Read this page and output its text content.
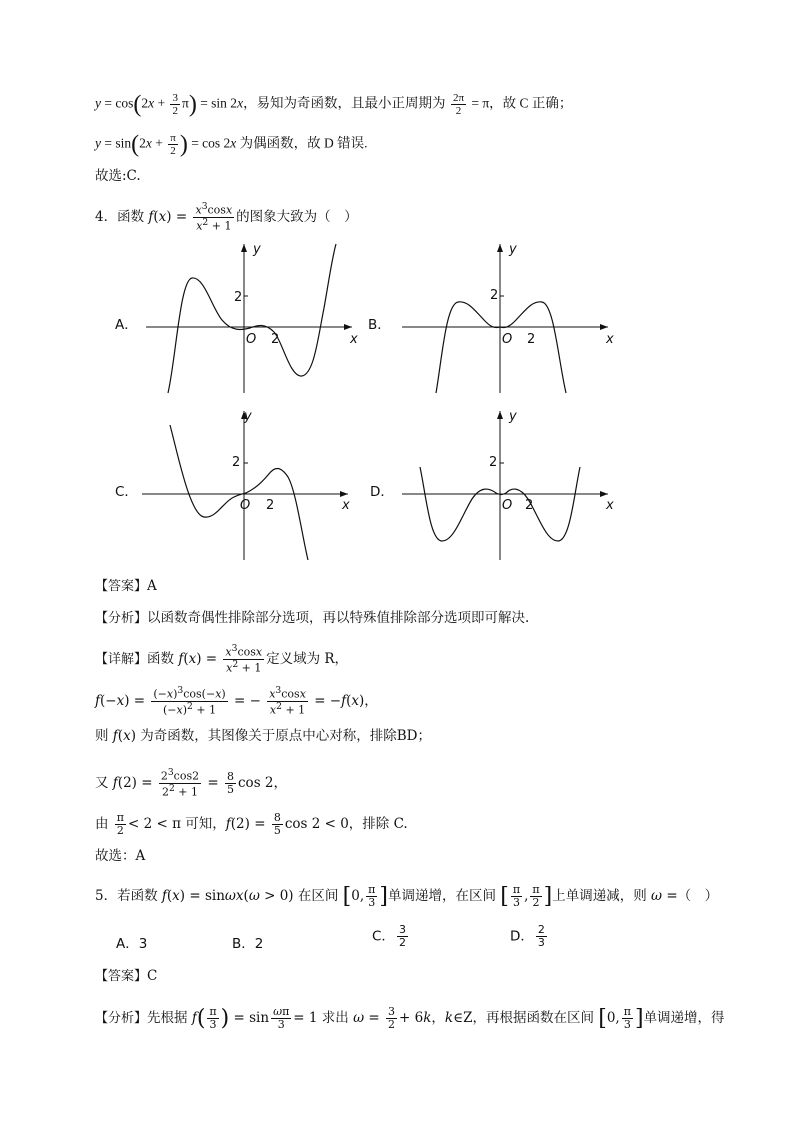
$y = \cos(2x + \frac{3}{2} \pi) = \sin 2x$，易知为奇函数，且最小正周期为 $\frac{2\pi}{2} = \pi$，故 C 正确；
$y = \sin(2x + \frac{\pi}{2}$ ) = cos 2x 为偶函数，故 D 错误.
故选:C.
4．函数 $f(x) = \frac{x^3\cos x}{x^2 + 1}$ 的图象大致为（　）
A．
y
x
2
O 2
B．
y
x
2
O 2
C．
y
x
2
O 2
D．
y
x
2
O 2
【答案】A
【分析】以函数奇偶性排除部分选项，再以特殊值排除部分选项即可解决.
【详解】函数 $f(x) = \frac{x^3\cos x}{x^2 + 1}$ 定义域为 R，
$f(-x) = \frac{(-x)^3\cos(-x)}{(-x)^2 + 1}$ = − $\frac{x^3\cos x}{x^2 + 1} = -f(x)$，
则 f(x) 为奇函数，其图像关于原点中心对称，排除BD；
又 $f(2) = \frac{2^3\cos 2}{2^2 + 1} = \frac{8}{5}$ cos 2，
由 $\frac{\pi}{2} < 2 < \pi$ 可知，$f(2) = \frac{8}{5}$ cos 2 < 0，排除 C.
故选：A
5．若函数 f(x) = sinωx(ω > 0) 在区间 [0, $\frac{\pi}{3}$ ]单调递增，在区间 [ $\frac{\pi}{3}$ , $\frac{\pi}{2}$ ]上单调递减，则 ω =（　）
A．3	B．2	C． $\frac{3}{2}$	D． $\frac{2}{3}$
【答案】C
【分析】先根据 $f( \frac{\pi}{3}$ ) = $\sin \frac{\omega\pi}{3} = 1$ 求出 $\omega = \frac{3}{2} + 6k$，k∈Z，再根据函数在区间 [0, $\frac{\pi}{3}$ ]单调递增，得
